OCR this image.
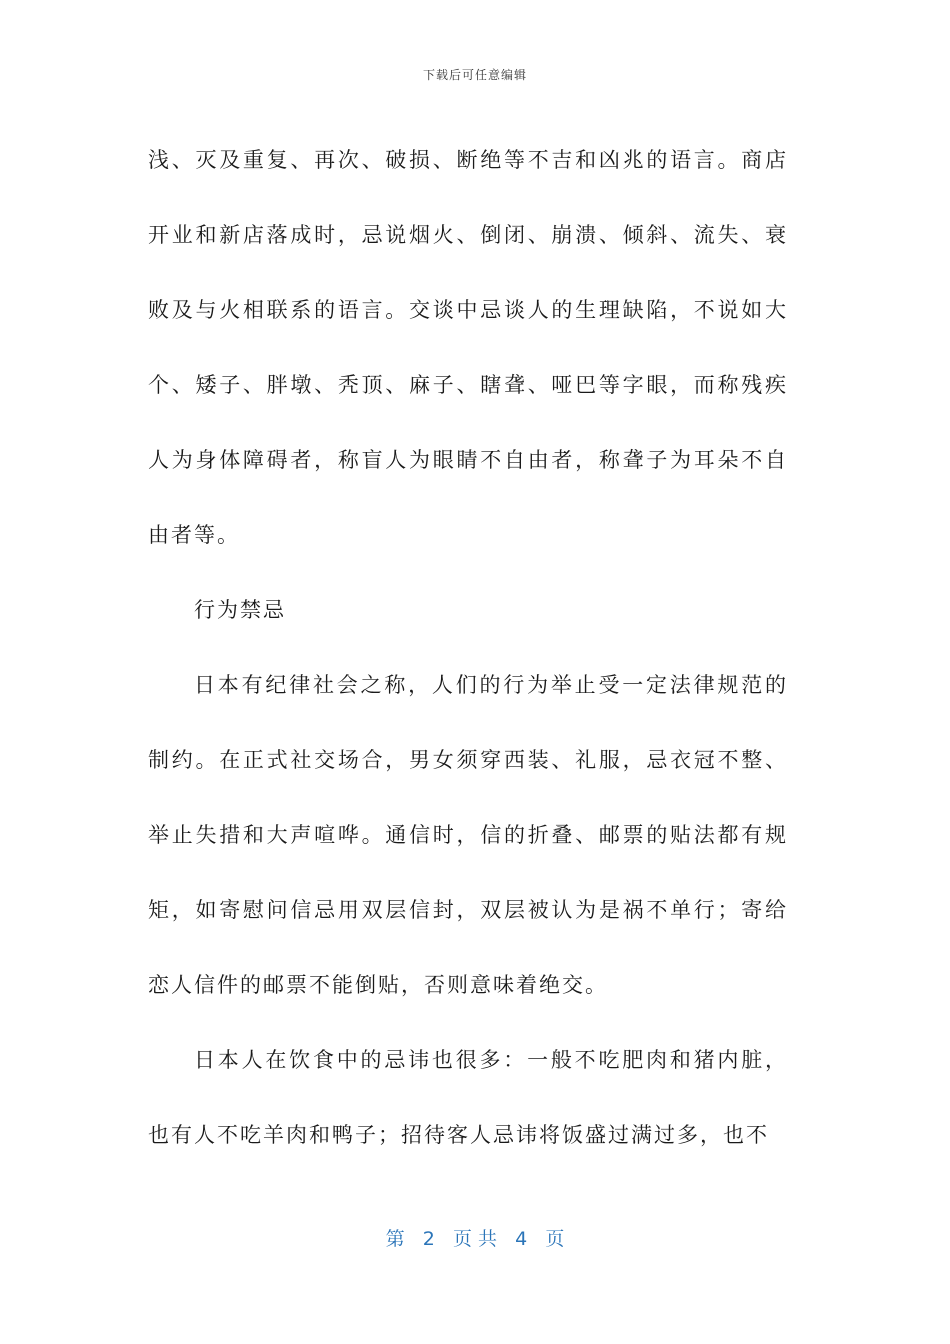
下载后可任意编辑

浅、灭及重复、再次、破损、断绝等不吉和凶兆的语言。商店开业和新店落成时，忌说烟火、倒闭、崩溃、倾斜、流失、衰败及与火相联系的语言。交谈中忌谈人的生理缺陷，不说如大个、矮子、胖墩、秃顶、麻子、瞎聋、哑巴等字眼，而称残疾人为身体障碍者，称盲人为眼睛不自由者，称聋子为耳朵不自由者等。

行为禁忌

日本有纪律社会之称，人们的行为举止受一定法律规范的制约。在正式社交场合，男女须穿西装、礼服，忌衣冠不整、举止失措和大声喧哗。通信时，信的折叠、邮票的贴法都有规矩，如寄慰问信忌用双层信封，双层被认为是祸不单行；寄给恋人信件的邮票不能倒贴，否则意味着绝交。

日本人在饮食中的忌讳也很多：一般不吃肥肉和猪内脏，也有人不吃羊肉和鸭子；招待客人忌讳将饭盛过满过多，也不

第   2   页 共   4   页
